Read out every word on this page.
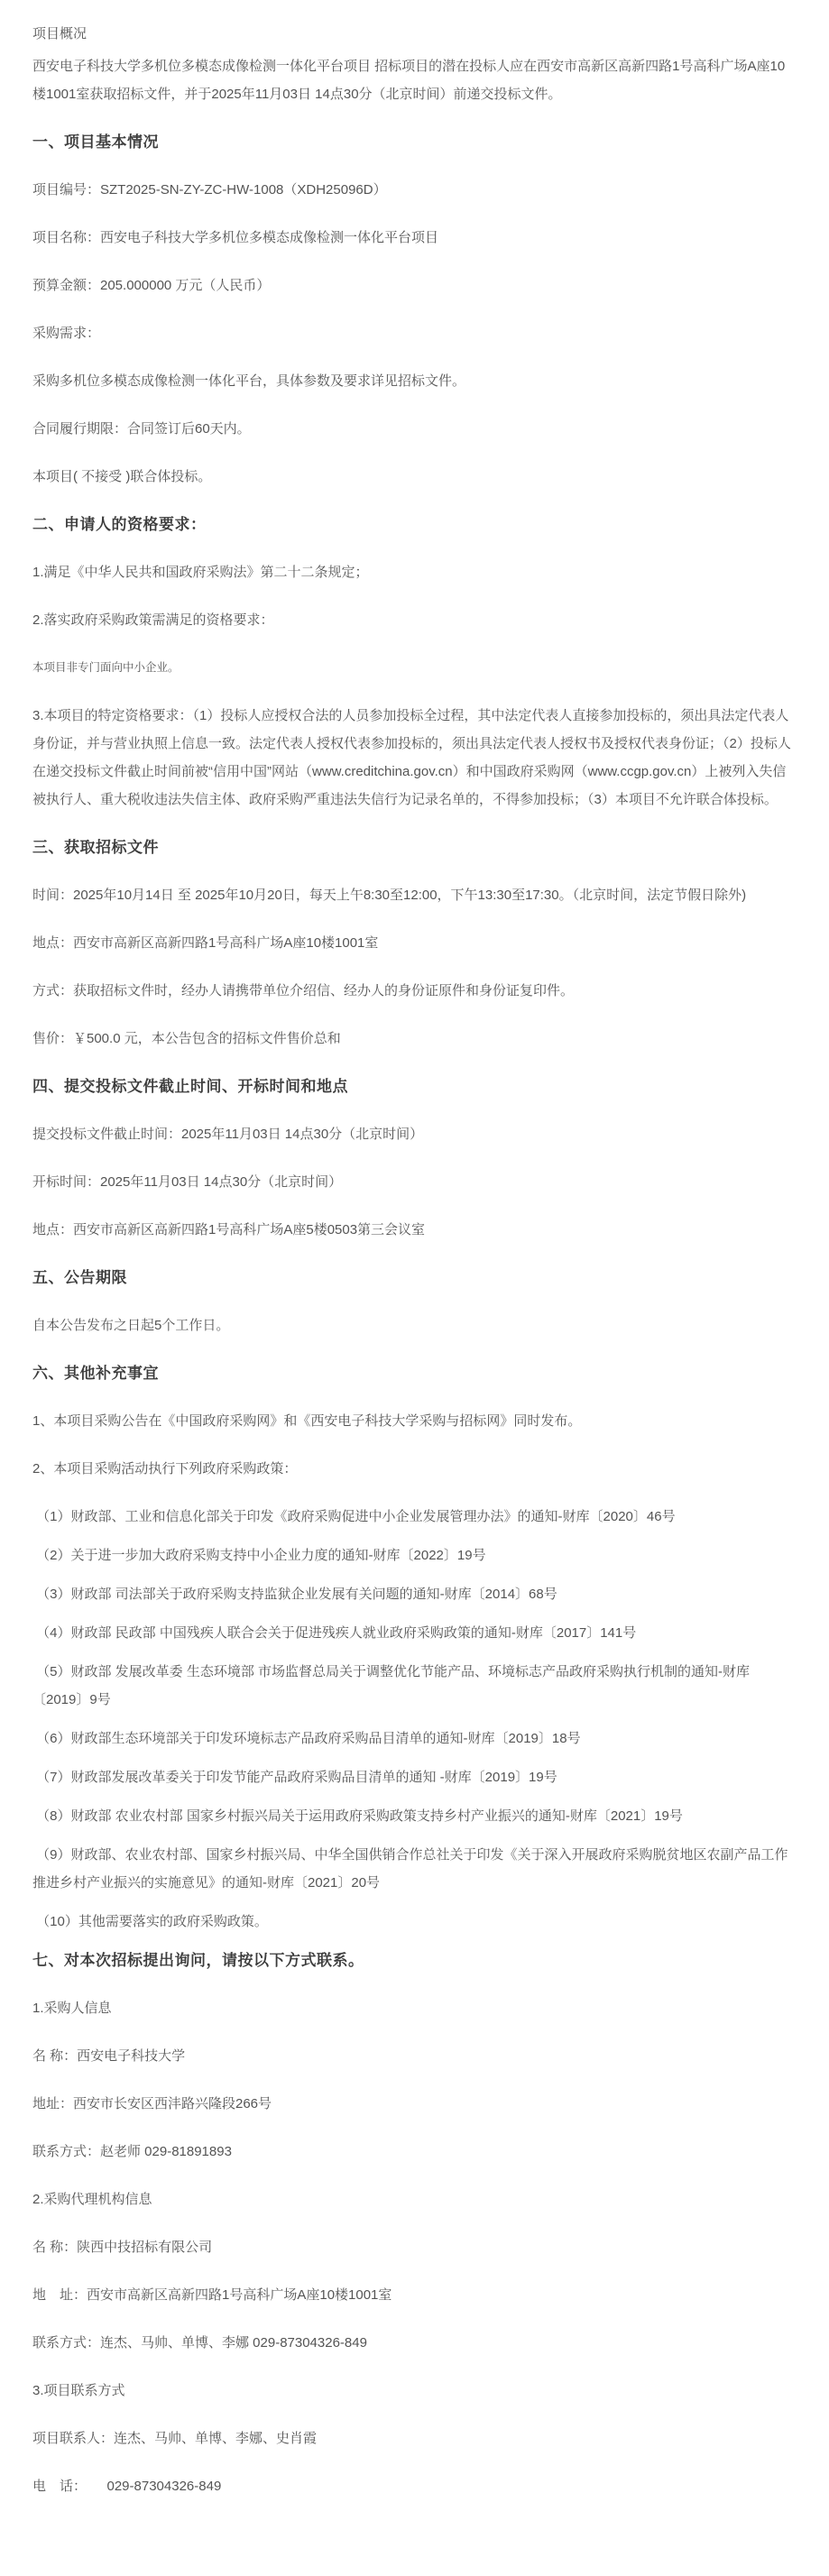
项目概况
西安电子科技大学多机位多模态成像检测一体化平台项目 招标项目的潜在投标人应在西安市高新区高新四路1号高科广场A座10楼1001室获取招标文件，并于2025年11月03日 14点30分（北京时间）前递交投标文件。
一、项目基本情况
项目编号：SZT2025-SN-ZY-ZC-HW-1008（XDH25096D）
项目名称：西安电子科技大学多机位多模态成像检测一体化平台项目
预算金额：205.000000 万元（人民币）
采购需求：
采购多机位多模态成像检测一体化平台，具体参数及要求详见招标文件。
合同履行期限：合同签订后60天内。
本项目( 不接受 )联合体投标。
二、申请人的资格要求：
1.满足《中华人民共和国政府采购法》第二十二条规定；
2.落实政府采购政策需满足的资格要求：
本项目非专门面向中小企业。
3.本项目的特定资格要求：（1）投标人应授权合法的人员参加投标全过程，其中法定代表人直接参加投标的，须出具法定代表人身份证，并与营业执照上信息一致。法定代表人授权代表参加投标的，须出具法定代表人授权书及授权代表身份证；（2）投标人在递交投标文件截止时间前被“信用中国”网站（www.creditchina.gov.cn）和中国政府采购网（www.ccgp.gov.cn）上被列入失信被执行人、重大税收违法失信主体、政府采购严重违法失信行为记录名单的，不得参加投标；（3）本项目不允许联合体投标。
三、获取招标文件
时间：2025年10月14日 至 2025年10月20日，每天上午8:30至12:00，下午13:30至17:30。（北京时间，法定节假日除外)
地点：西安市高新区高新四路1号高科广场A座10楼1001室
方式：获取招标文件时，经办人请携带单位介绍信、经办人的身份证原件和身份证复印件。
售价：￥500.0 元，本公告包含的招标文件售价总和
四、提交投标文件截止时间、开标时间和地点
提交投标文件截止时间：2025年11月03日 14点30分（北京时间）
开标时间：2025年11月03日 14点30分（北京时间）
地点：西安市高新区高新四路1号高科广场A座5楼0503第三会议室
五、公告期限
自本公告发布之日起5个工作日。
六、其他补充事宜
1、本项目采购公告在《中国政府采购网》和《西安电子科技大学采购与招标网》同时发布。
2、本项目采购活动执行下列政府采购政策：
（1）财政部、工业和信息化部关于印发《政府采购促进中小企业发展管理办法》的通知-财库〔2020〕46号
（2）关于进一步加大政府采购支持中小企业力度的通知-财库〔2022〕19号
（3）财政部 司法部关于政府采购支持监狱企业发展有关问题的通知-财库〔2014〕68号
（4）财政部 民政部 中国残疾人联合会关于促进残疾人就业政府采购政策的通知-财库〔2017〕141号
（5）财政部 发展改革委 生态环境部 市场监督总局关于调整优化节能产品、环境标志产品政府采购执行机制的通知-财库〔2019〕9号
（6）财政部生态环境部关于印发环境标志产品政府采购品目清单的通知-财库〔2019〕18号
（7）财政部发展改革委关于印发节能产品政府采购品目清单的通知 -财库〔2019〕19号
（8）财政部 农业农村部 国家乡村振兴局关于运用政府采购政策支持乡村产业振兴的通知-财库〔2021〕19号
（9）财政部、农业农村部、国家乡村振兴局、中华全国供销合作总社关于印发《关于深入开展政府采购脱贫地区农副产品工作推进乡村产业振兴的实施意见》的通知-财库〔2021〕20号
（10）其他需要落实的政府采购政策。
七、对本次招标提出询问，请按以下方式联系。
1.采购人信息
名 称：西安电子科技大学
地址：西安市长安区西沣路兴隆段266号
联系方式：赵老师 029-81891893
2.采购代理机构信息
名 称：陕西中技招标有限公司
地　址：西安市高新区高新四路1号高科广场A座10楼1001室
联系方式：连杰、马帅、单博、李娜 029-87304326-849
3.项目联系方式
项目联系人：连杰、马帅、单博、李娜、史肖霞
电　话：　　029-87304326-849
